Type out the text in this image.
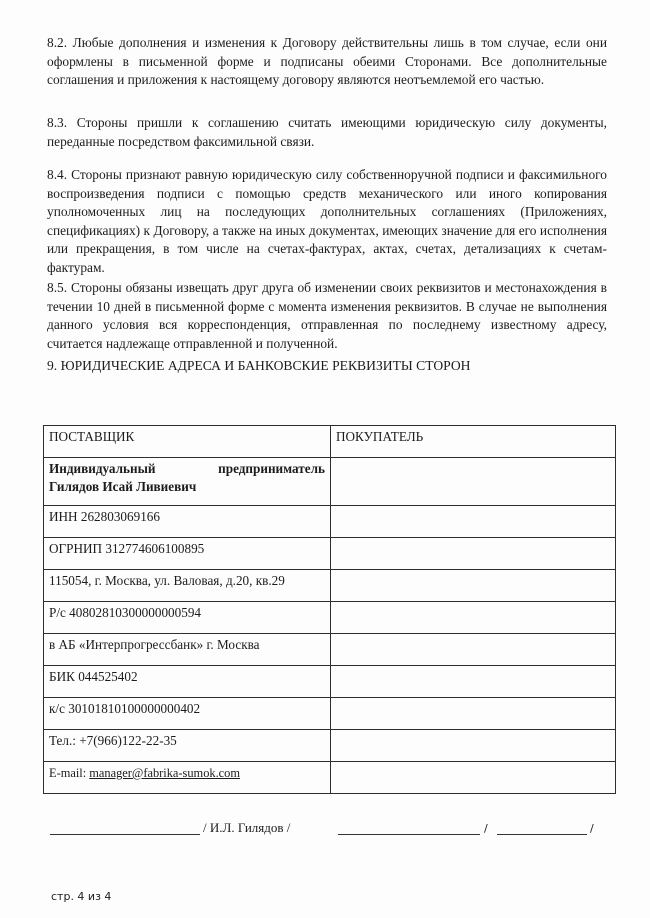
8.2. Любые дополнения и изменения к Договору действительны лишь в том случае, если они оформлены в письменной форме и подписаны обеими Сторонами. Все дополнительные соглашения и приложения к настоящему договору являются неотъемлемой его частью.
8.3. Стороны пришли к соглашению считать имеющими юридическую силу документы, переданные посредством факсимильной связи.
8.4. Стороны признают равную юридическую силу собственноручной подписи и факсимильного воспроизведения подписи с помощью средств механического или иного копирования уполномоченных лиц на последующих дополнительных соглашениях (Приложениях, спецификациях) к Договору, а также на иных документах, имеющих значение для его исполнения или прекращения, в том числе на счетах-фактурах, актах, счетах, детализациях к счетам-фактурам.
8.5. Стороны обязаны извещать друг друга об изменении своих реквизитов и местонахождения в течении 10 дней в письменной форме с момента изменения реквизитов. В случае не выполнения данного условия вся корреспонденция, отправленная по последнему известному адресу, считается надлежаще отправленной и полученной.
9. ЮРИДИЧЕСКИЕ АДРЕСА И БАНКОВСКИЕ РЕКВИЗИТЫ СТОРОН
ПОСТАВЩИК	ПОКУПАТЕЛЬ

Индивидуальный предприниматель
Гилядов Исай Ливиевич	
ИНН 262803069166	
ОГРНИП 312774606100895	
115054, г. Москва, ул. Валовая, д.20, кв.29	
Р/с 40802810300000000594	
в АБ «Интерпрогрессбанк» г. Москва	
БИК 044525402	
к/с 30101810100000000402	
Тел.: +7(966)122-22-35	
E-mail: manager@fabrika-sumok.com	
/ И.Л. Гилядов /	/	/
стр. 4 из 4
